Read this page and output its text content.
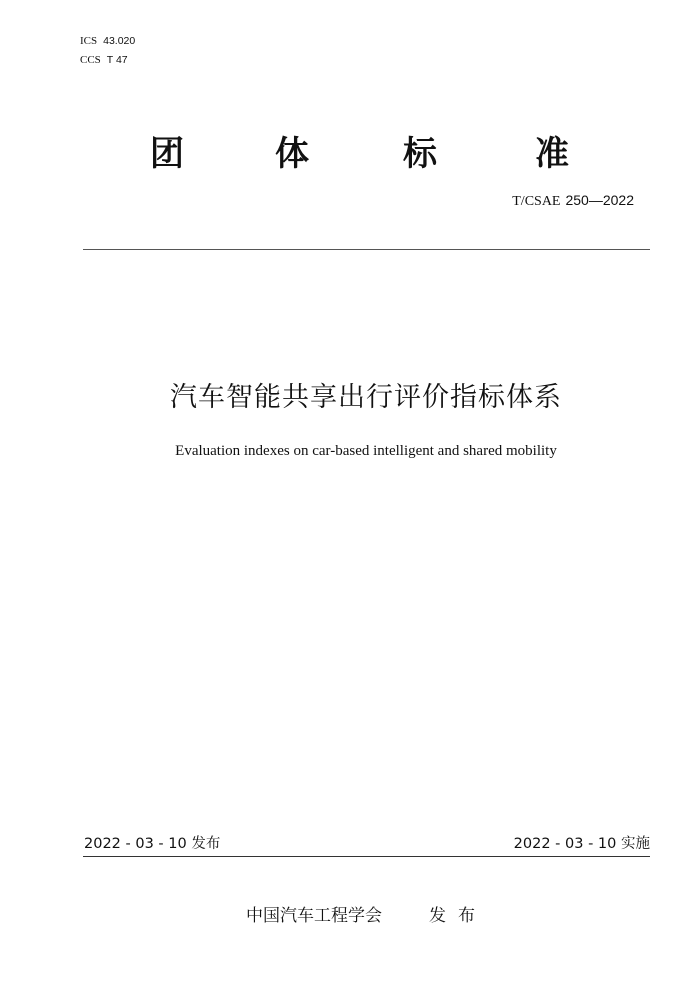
ICS 43.020
CCS T 47
团	体	标	准
T/CSAE 250—2022
汽车智能共享出行评价指标体系
Evaluation indexes on car-based intelligent and shared mobility
2022 - 03 - 10 发布	2022 - 03 - 10 实施
中国汽车工程学会	发布
